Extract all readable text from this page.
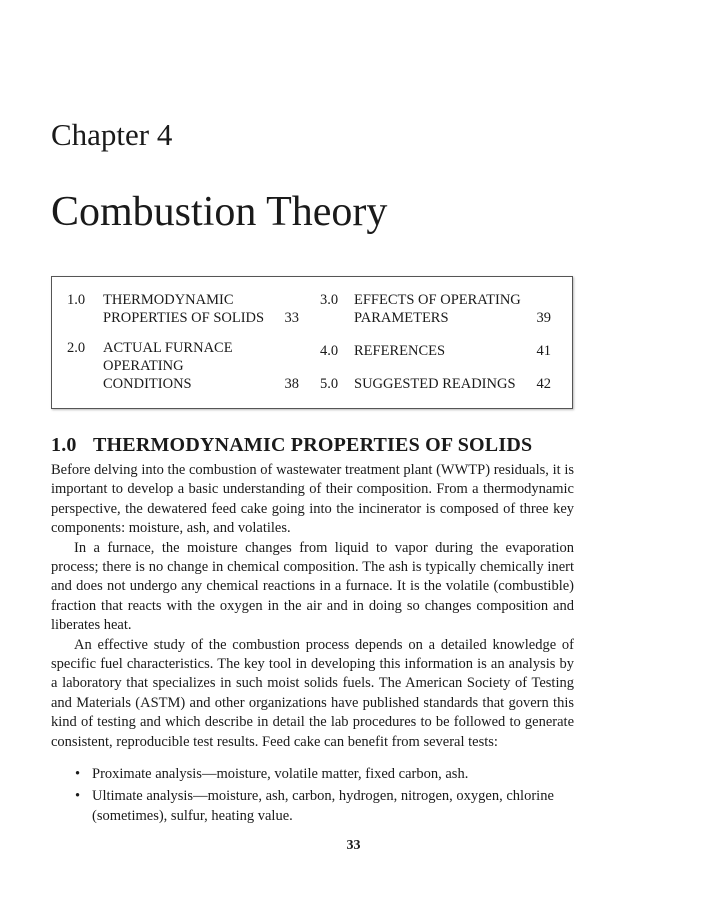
Chapter 4
Combustion Theory
1.0 THERMODYNAMIC
PROPERTIES OF SOLIDS	33
2.0 ACTUAL FURNACE
OPERATING
CONDITIONS	38
3.0 EFFECTS OF OPERATING
PARAMETERS	39
4.0 REFERENCES	41
5.0 SUGGESTED READINGS	42
1.0 THERMODYNAMIC PROPERTIES OF SOLIDS

Before delving into the combustion of wastewater treatment plant (WWTP) residuals, it is important to develop a basic understanding of their composition. From a thermodynamic perspective, the dewatered feed cake going into the incinerator is composed of three key components: moisture, ash, and volatiles.

In a furnace, the moisture changes from liquid to vapor during the evaporation process; there is no change in chemical composition. The ash is typically chemically inert and does not undergo any chemical reactions in a furnace. It is the volatile (combustible) fraction that reacts with the oxygen in the air and in doing so changes composition and liberates heat.

An effective study of the combustion process depends on a detailed knowledge of specific fuel characteristics. The key tool in developing this information is an analysis by a laboratory that specializes in such moist solids fuels. The American Society of Testing and Materials (ASTM) and other organizations have published standards that govern this kind of testing and which describe in detail the lab procedures to be followed to generate consistent, reproducible test results. Feed cake can benefit from several tests:

• Proximate analysis—moisture, volatile matter, fixed carbon, ash.
• Ultimate analysis—moisture, ash, carbon, hydrogen, nitrogen, oxygen, chlorine (sometimes), sulfur, heating value.
33
